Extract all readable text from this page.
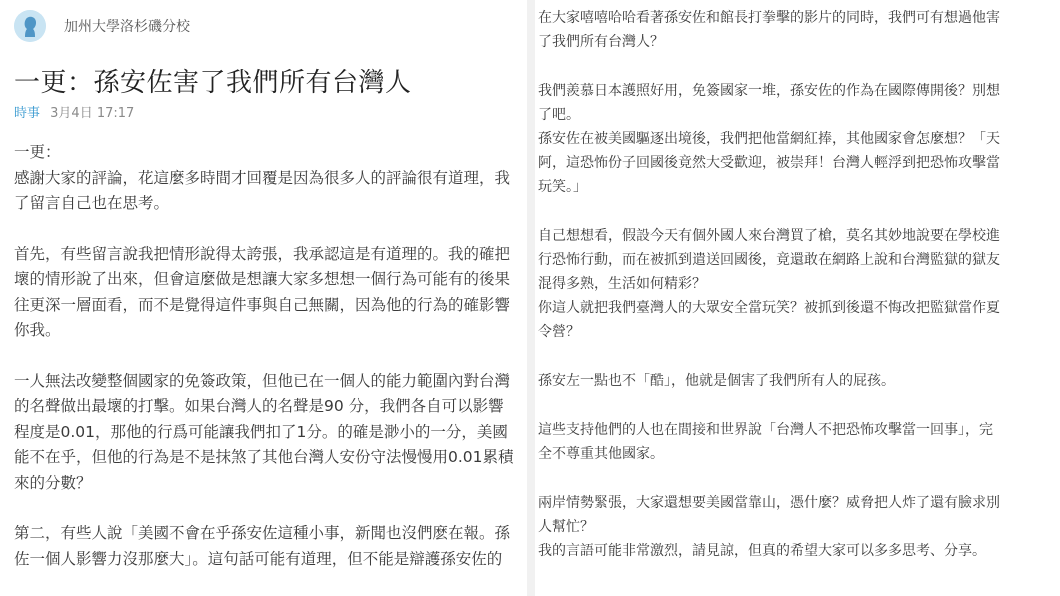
加州大學洛杉磯分校
一更：孫安佐害了我們所有台灣人
時事 3月4日 17:17

一更：

感謝大家的評論，花這麼多時間才回覆是因為很多人的評論很有道理，我

了留言自己也在思考。

首先，有些留言說我把情形說得太誇張，我承認這是有道理的。我的確把

壞的情形說了出來，但會這麼做是想讓大家多想想一個行為可能有的後果

往更深一層面看，而不是覺得這件事與自己無關，因為他的行為的確影響

你我。

一人無法改變整個國家的免簽政策，但他已在一個人的能力範圍內對台灣

的名聲做出最壞的打擊。如果台灣人的名聲是90 分，我們各自可以影響

程度是0.01，那他的行爲可能讓我們扣了1分。的確是渺小的一分，美國

能不在乎，但他的行為是不是抹煞了其他台灣人安份守法慢慢用0.01累積

來的分數？

第二，有些人說「美國不會在乎孫安佐這種小事，新聞也沒們麽在報。孫

佐一個人影響力沒那麼大」。這句話可能有道理，但不能是辯護孫安佐的

在大家嘻嘻哈哈看著孫安佐和館長打拳擊的影片的同時，我們可有想過他害

了我們所有台灣人？

我們羨慕日本護照好用，免簽國家一堆，孫安佐的作為在國際傳開後？別想

了吧。

孫安佐在被美國驅逐出境後，我們把他當網紅捧，其他國家會怎麼想？「天

阿，這恐怖份子回國後竟然大受歡迎，被崇拜！台灣人輕浮到把恐怖攻擊當

玩笑。」

自己想想看，假設今天有個外國人來台灣買了槍，莫名其妙地說要在學校進

行恐怖行動，而在被抓到遣送回國後，竟還敢在網路上說和台灣監獄的獄友

混得多熟，生活如何精彩？

你這人就把我們臺灣人的大眾安全當玩笑？被抓到後還不悔改把監獄當作夏

令營？

孫安左一點也不「酷」，他就是個害了我們所有人的屁孩。

這些支持他們的人也在間接和世界說「台灣人不把恐怖攻擊當一回事」，完

全不尊重其他國家。

兩岸情勢緊張，大家還想要美國當靠山，憑什麼？威脅把人炸了還有臉求別

人幫忙？

我的言語可能非常激烈，請見諒，但真的希望大家可以多多思考、分享。
